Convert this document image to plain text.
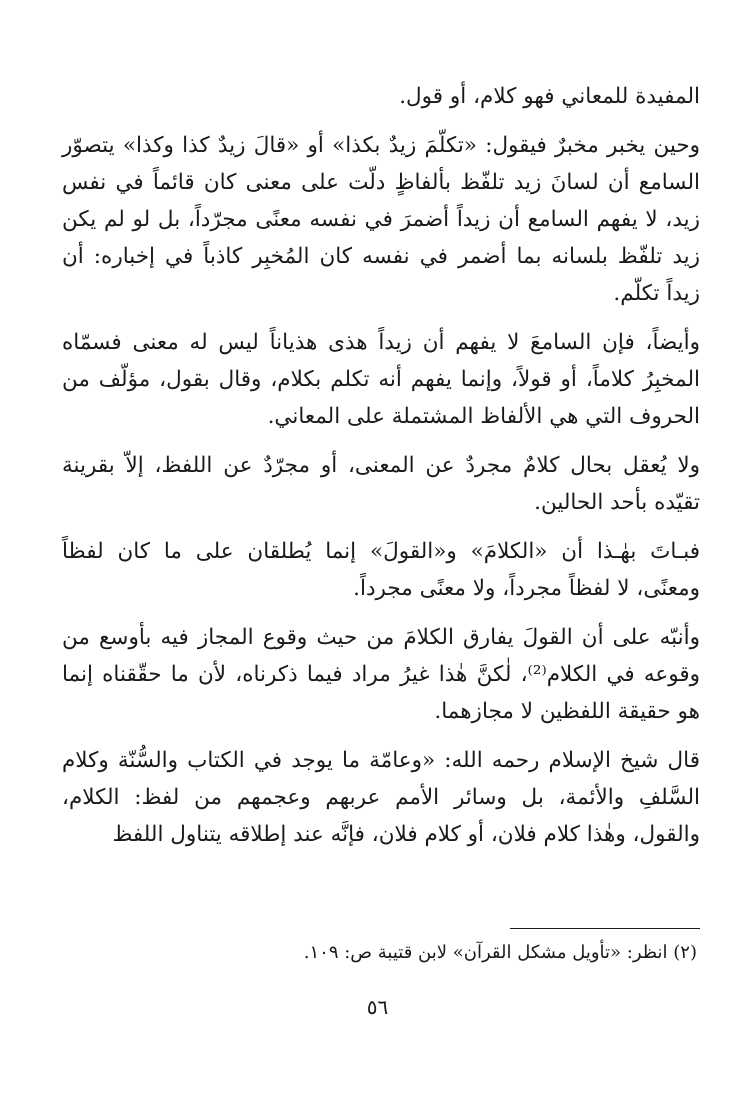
المفيدة للمعاني فهو كلام، أو قول.

وحين يخبر مخبرٌ فيقول: «تكلّمَ زيدٌ بكذا» أو «قالَ زيدٌ كذا وكذا» يتصوّر السامع أن لسانَ زيد تلفّظ بألفاظٍ دلّت على معنى كان قائماً في نفس زيد، لا يفهم السامع أن زيداً أضمرَ في نفسه معنًى مجرّداً، بل لو لم يكن زيد تلفّظ بلسانه بما أضمر في نفسه كان المُخبِر كاذباً في إخباره: أن زيداً تكلّم.

وأيضاً، فإن السامعَ لا يفهم أن زيداً هذى هذياناً ليس له معنى فسمّاه المخبِرُ كلاماً، أو قولاً، وإنما يفهم أنه تكلم بكلام، وقال بقول، مؤلّف من الحروف التي هي الألفاظ المشتملة على المعاني.

ولا يُعقل بحال كلامٌ مجردٌ عن المعنى، أو مجرّدٌ عن اللفظ، إلاّ بقرينة تقيّده بأحد الحالين.

فبـاتَ بهٰـذا أن «الكلامَ» و«القولَ» إنما يُطلقان على ما كان لفظاً ومعنًى، لا لفظاً مجرداً، ولا معنًى مجرداً.

وأنبّه على أن القولَ يفارق الكلامَ من حيث وقوع المجاز فيه بأوسع من وقوعه في الكلام⁽²⁾، لٰكنَّ هٰذا غيرُ مراد فيما ذكرناه، لأن ما حقّقناه إنما هو حقيقة اللفظين لا مجازهما.

قال شيخ الإسلام رحمه الله: «وعامّة ما يوجد في الكتاب والسُّنّة وكلام السَّلفِ والأئمة، بل وسائر الأمم عربهم وعجمهم من لفظ: الكلام، والقول، وهٰذا كلام فلان، أو كلام فلان، فإنَّه عند إطلاقه يتناول اللفظ

(٢) انظر: «تأويل مشكل القرآن» لابن قتيبة ص: ١٠٩.
٥٦
